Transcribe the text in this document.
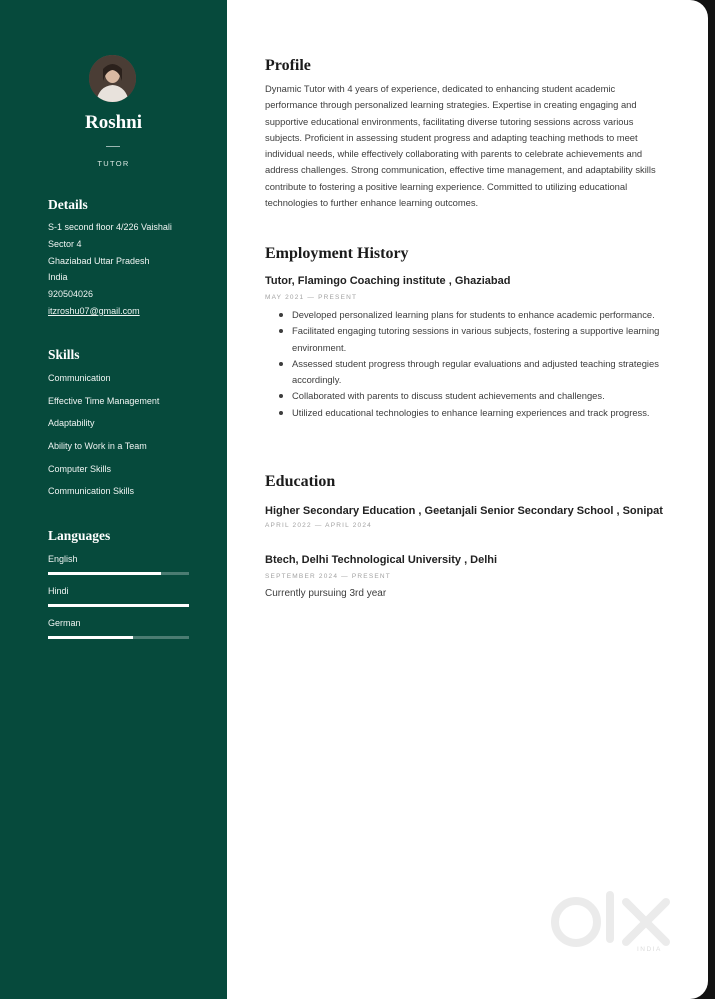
Roshni
TUTOR
Details
S-1 second floor 4/226 Vaishali
Sector 4
Ghaziabad Uttar Pradesh
India
920504026
itzroshu07@gmail.com
Skills
Communication
Effective Time Management
Adaptability
Ability to Work in a Team
Computer Skills
Communication Skills
Languages
English
Hindi
German
Profile
Dynamic Tutor with 4 years of experience, dedicated to enhancing student academic performance through personalized learning strategies. Expertise in creating engaging and supportive educational environments, facilitating diverse tutoring sessions across various subjects. Proficient in assessing student progress and adapting teaching methods to meet individual needs, while effectively collaborating with parents to celebrate achievements and address challenges. Strong communication, effective time management, and adaptability skills contribute to fostering a positive learning experience. Committed to utilizing educational technologies to further enhance learning outcomes.
Employment History
Tutor, Flamingo Coaching institute , Ghaziabad
MAY 2021 — PRESENT
Developed personalized learning plans for students to enhance academic performance.
Facilitated engaging tutoring sessions in various subjects, fostering a supportive learning environment.
Assessed student progress through regular evaluations and adjusted teaching strategies accordingly.
Collaborated with parents to discuss student achievements and challenges.
Utilized educational technologies to enhance learning experiences and track progress.
Education
Higher Secondary Education , Geetanjali Senior Secondary School , Sonipat
APRIL 2022 — APRIL 2024
Btech, Delhi Technological University , Delhi
SEPTEMBER 2024 — PRESENT
Currently pursuing 3rd year
INDIA
